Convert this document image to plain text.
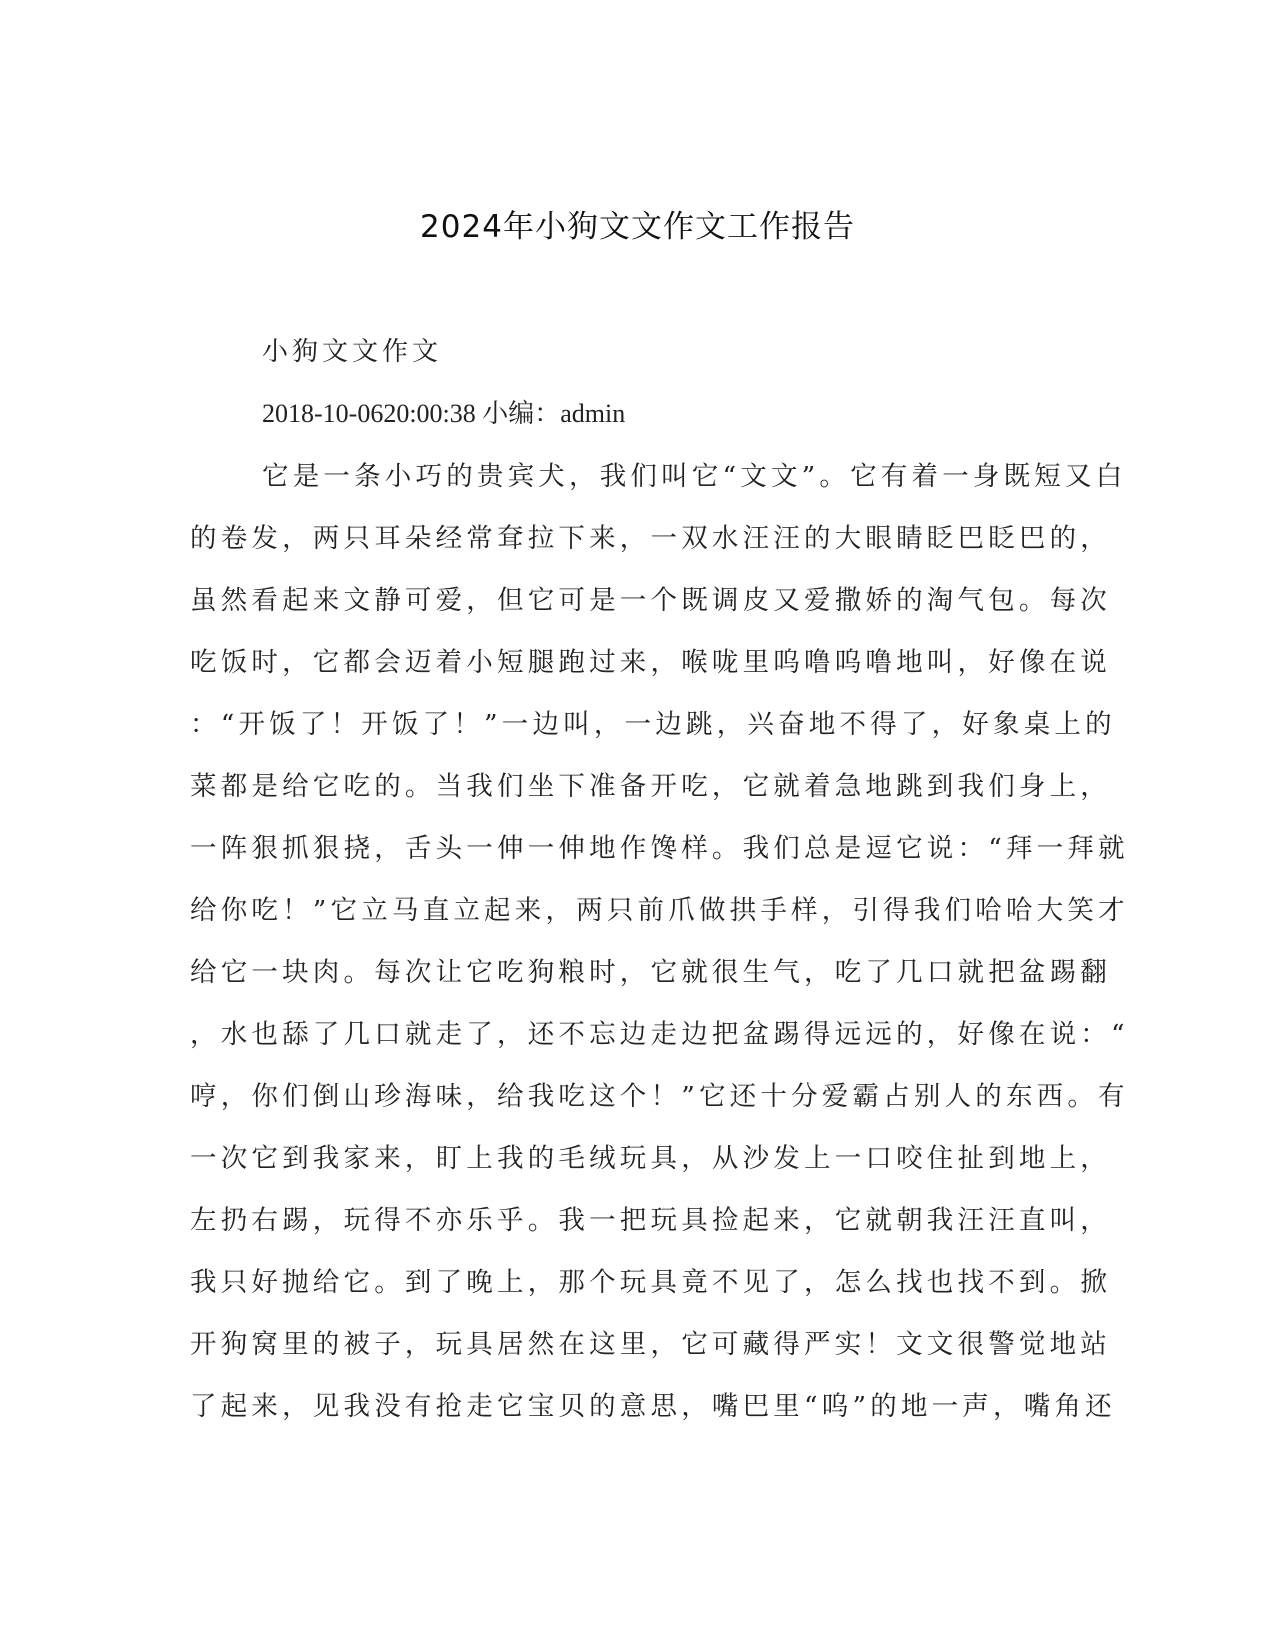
2024年小狗文文作文工作报告
小狗文文作文
2018-10-0620:00:38 小编：admin
它是一条小巧的贵宾犬，我们叫它“文文”。它有着一身既短又白
的卷发，两只耳朵经常耷拉下来，一双水汪汪的大眼睛眨巴眨巴的，
虽然看起来文静可爱，但它可是一个既调皮又爱撒娇的淘气包。每次
吃饭时，它都会迈着小短腿跑过来，喉咙里呜噜呜噜地叫，好像在说
：“开饭了！开饭了！”一边叫，一边跳，兴奋地不得了，好象桌上的
菜都是给它吃的。当我们坐下准备开吃，它就着急地跳到我们身上，
一阵狠抓狠挠，舌头一伸一伸地作馋样。我们总是逗它说：“拜一拜就
给你吃！”它立马直立起来，两只前爪做拱手样，引得我们哈哈大笑才
给它一块肉。每次让它吃狗粮时，它就很生气，吃了几口就把盆踢翻
，水也舔了几口就走了，还不忘边走边把盆踢得远远的，好像在说：“
哼，你们倒山珍海味，给我吃这个！”它还十分爱霸占别人的东西。有
一次它到我家来，盯上我的毛绒玩具，从沙发上一口咬住扯到地上，
左扔右踢，玩得不亦乐乎。我一把玩具捡起来，它就朝我汪汪直叫，
我只好抛给它。到了晚上，那个玩具竟不见了，怎么找也找不到。掀
开狗窝里的被子，玩具居然在这里，它可藏得严实！文文很警觉地站
了起来，见我没有抢走它宝贝的意思，嘴巴里“呜”的地一声，嘴角还
